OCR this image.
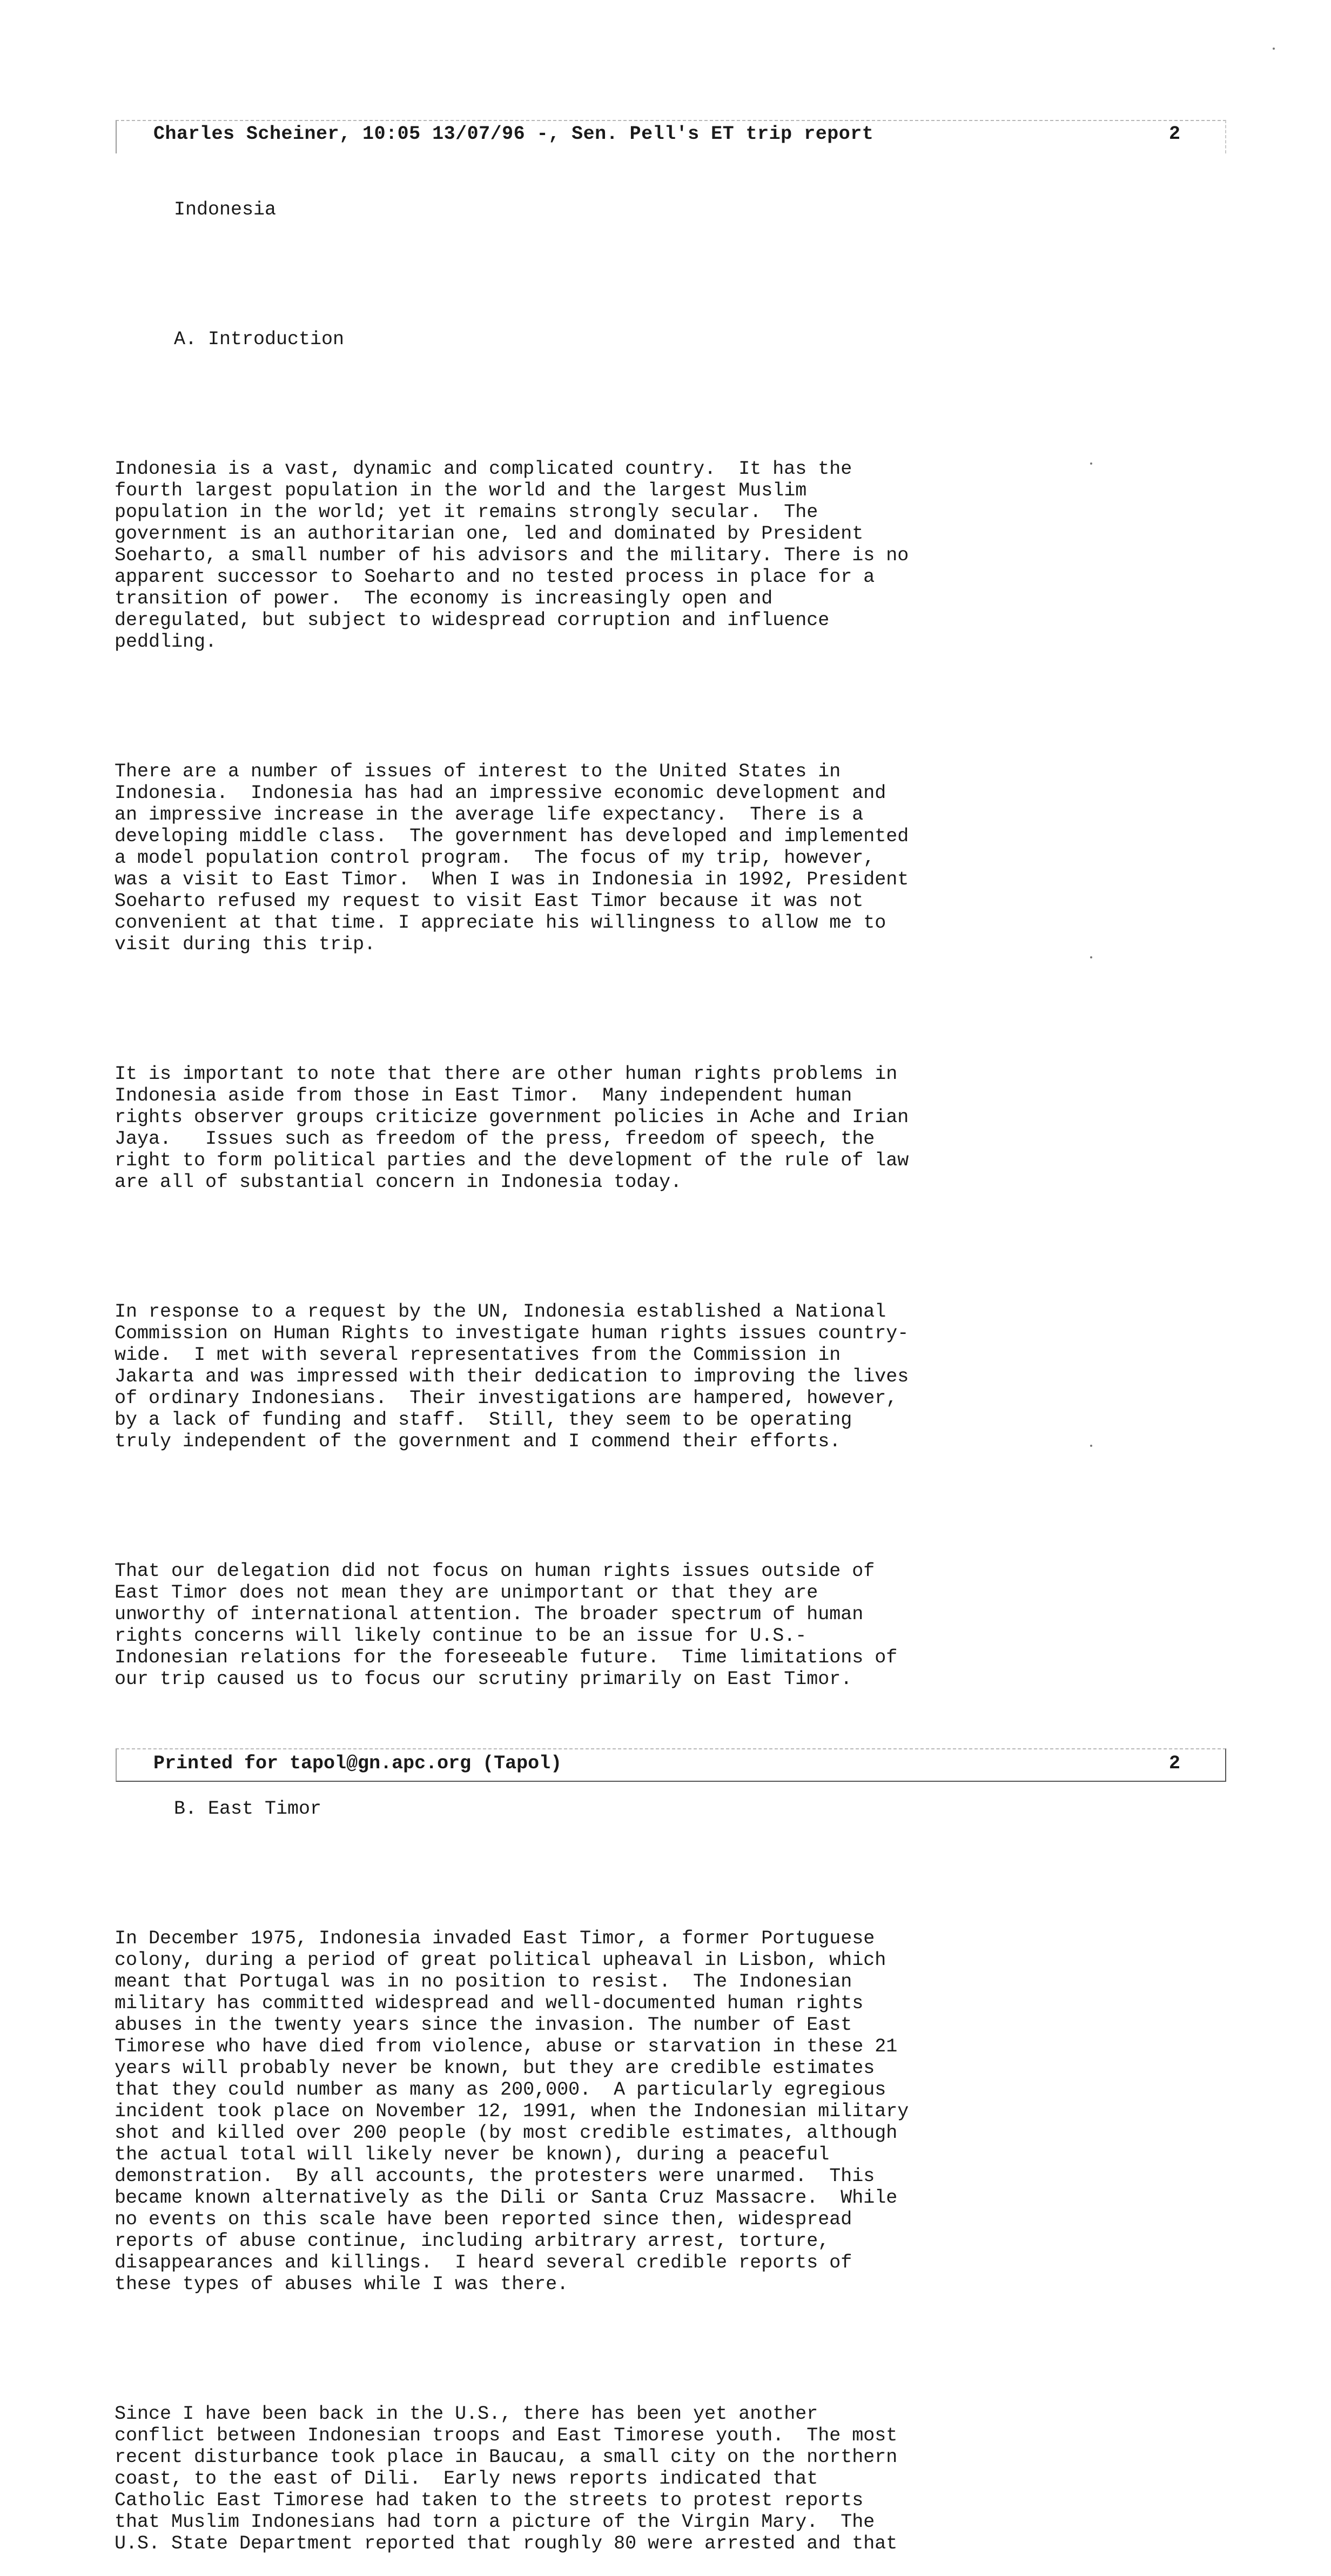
Charles Scheiner, 10:05 13/07/96 -, Sen. Pell's ET trip report	2

Indonesia

A. Introduction

Indonesia is a vast, dynamic and complicated country.  It has the
fourth largest population in the world and the largest Muslim
population in the world; yet it remains strongly secular.  The
government is an authoritarian one, led and dominated by President
Soeharto, a small number of his advisors and the military. There is no
apparent successor to Soeharto and no tested process in place for a
transition of power.  The economy is increasingly open and
deregulated, but subject to widespread corruption and influence
peddling.

There are a number of issues of interest to the United States in
Indonesia.  Indonesia has had an impressive economic development and
an impressive increase in the average life expectancy.  There is a
developing middle class.  The government has developed and implemented
a model population control program.  The focus of my trip, however,
was a visit to East Timor.  When I was in Indonesia in 1992, President
Soeharto refused my request to visit East Timor because it was not
convenient at that time. I appreciate his willingness to allow me to
visit during this trip.

It is important to note that there are other human rights problems in
Indonesia aside from those in East Timor.  Many independent human
rights observer groups criticize government policies in Ache and Irian
Jaya.   Issues such as freedom of the press, freedom of speech, the
right to form political parties and the development of the rule of law
are all of substantial concern in Indonesia today.

In response to a request by the UN, Indonesia established a National
Commission on Human Rights to investigate human rights issues country-
wide.  I met with several representatives from the Commission in
Jakarta and was impressed with their dedication to improving the lives
of ordinary Indonesians.  Their investigations are hampered, however,
by a lack of funding and staff.  Still, they seem to be operating
truly independent of the government and I commend their efforts.

That our delegation did not focus on human rights issues outside of
East Timor does not mean they are unimportant or that they are
unworthy of international attention. The broader spectrum of human
rights concerns will likely continue to be an issue for U.S.-
Indonesian relations for the foreseeable future.  Time limitations of
our trip caused us to focus our scrutiny primarily on East Timor.

B. East Timor

In December 1975, Indonesia invaded East Timor, a former Portuguese
colony, during a period of great political upheaval in Lisbon, which
meant that Portugal was in no position to resist.  The Indonesian
military has committed widespread and well-documented human rights
abuses in the twenty years since the invasion. The number of East
Timorese who have died from violence, abuse or starvation in these 21
years will probably never be known, but they are credible estimates
that they could number as many as 200,000.  A particularly egregious
incident took place on November 12, 1991, when the Indonesian military
shot and killed over 200 people (by most credible estimates, although
the actual total will likely never be known), during a peaceful
demonstration.  By all accounts, the protesters were unarmed.  This
became known alternatively as the Dili or Santa Cruz Massacre.  While
no events on this scale have been reported since then, widespread
reports of abuse continue, including arbitrary arrest, torture,
disappearances and killings.  I heard several credible reports of
these types of abuses while I was there.

Since I have been back in the U.S., there has been yet another
conflict between Indonesian troops and East Timorese youth.  The most
recent disturbance took place in Baucau, a small city on the northern
coast, to the east of Dili.  Early news reports indicated that
Catholic East Timorese had taken to the streets to protest reports
that Muslim Indonesians had torn a picture of the Virgin Mary.  The
U.S. State Department reported that roughly 80 were arrested and that

Printed for tapol@gn.apc.org (Tapol)	2
